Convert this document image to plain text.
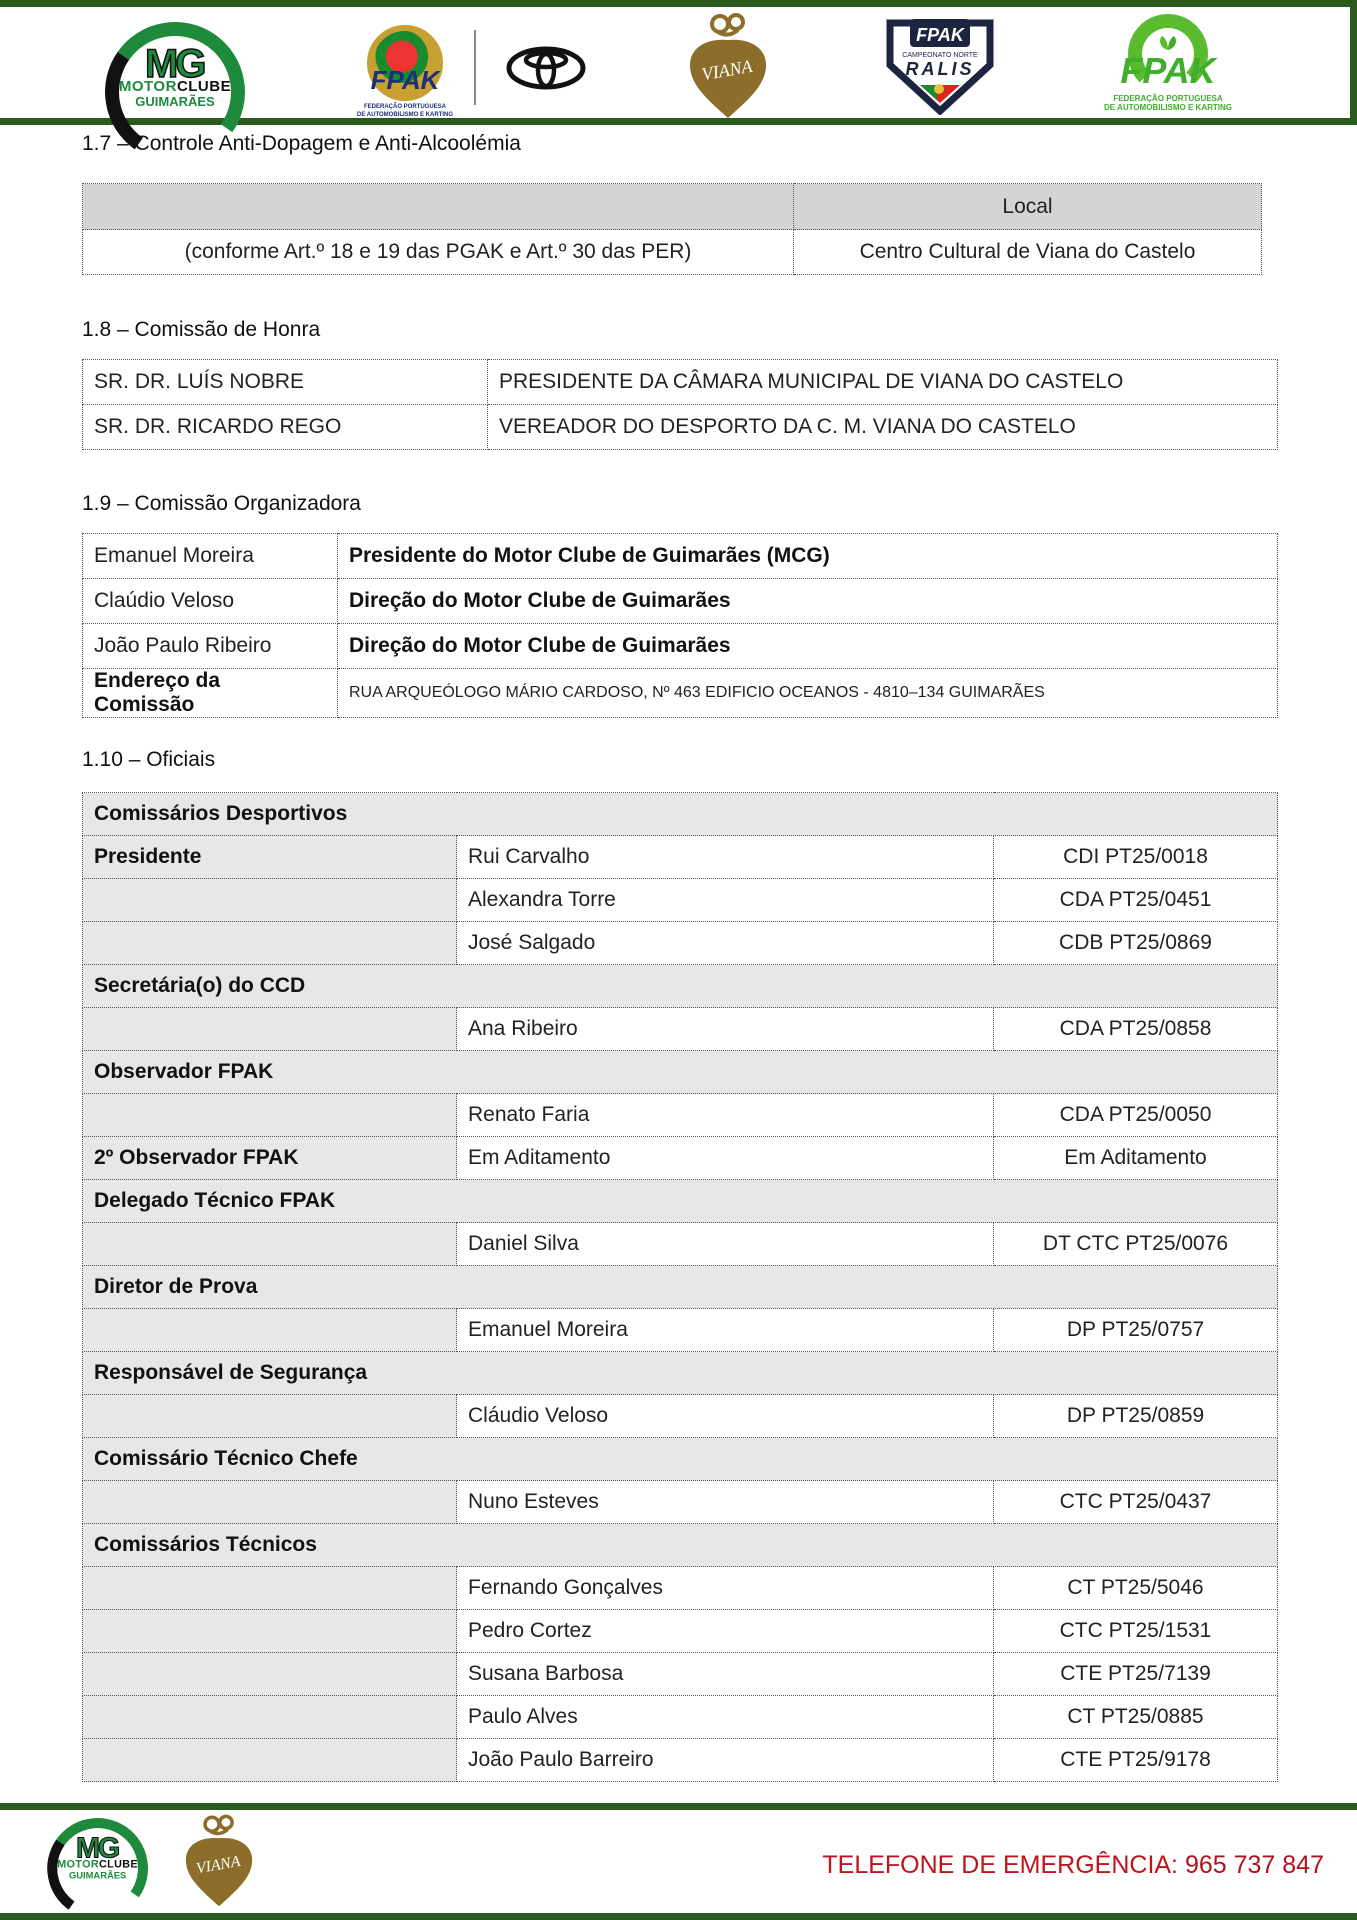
MG
MOTORCLUBE
GUIMARÃES
FPAK
FEDERAÇÃO PORTUGUESA
DE AUTOMOBILISMO E KARTING
VIANA
FPAK
CAMPEONATO NORTE
RALIS	FPAK
FEDERAÇÃO PORTUGUESA
DE AUTOMOBILISMO E KARTING
1.7 – Controle Anti-Dopagem e Anti-Alcoolémia
	Local
(conforme Art.º 18 e 19 das PGAK e Art.º 30 das PER)	Centro Cultural de Viana do Castelo
1.8 – Comissão de Honra
SR. DR. LUÍS NOBRE	PRESIDENTE DA CÂMARA MUNICIPAL DE VIANA DO CASTELO
SR. DR. RICARDO REGO	VEREADOR DO DESPORTO DA C. M. VIANA DO CASTELO
1.9 – Comissão Organizadora
Emanuel Moreira	Presidente do Motor Clube de Guimarães (MCG)
Claúdio Veloso	Direção do Motor Clube de Guimarães
João Paulo Ribeiro	Direção do Motor Clube de Guimarães
Endereço da Comissão	RUA ARQUEÓLOGO MÁRIO CARDOSO, Nº 463 EDIFICIO OCEANOS - 4810–134 GUIMARÃES
1.10 – Oficiais
Comissários Desportivos		
Presidente	Rui Carvalho	CDI PT25/0018
	Alexandra Torre	CDA PT25/0451
	José Salgado	CDB PT25/0869
Secretária(o) do CCD		
	Ana Ribeiro	CDA PT25/0858
Observador FPAK		
	Renato Faria	CDA PT25/0050
2º Observador FPAK	Em Aditamento	Em Aditamento
Delegado Técnico FPAK		
	Daniel Silva	DT CTC PT25/0076
Diretor de Prova		
	Emanuel Moreira	DP PT25/0757
Responsável de Segurança		
	Cláudio Veloso	DP PT25/0859
Comissário Técnico Chefe		
	Nuno Esteves	CTC PT25/0437
Comissários Técnicos		
	Fernando Gonçalves	CT PT25/5046
	Pedro Cortez	CTC PT25/1531
	Susana Barbosa	CTE PT25/7139
	Paulo Alves	CT PT25/0885
	João Paulo Barreiro	CTE PT25/9178
MG
MOTORCLUBE
GUIMARÃES	VIANA	TELEFONE DE EMERGÊNCIA: 965 737 847
